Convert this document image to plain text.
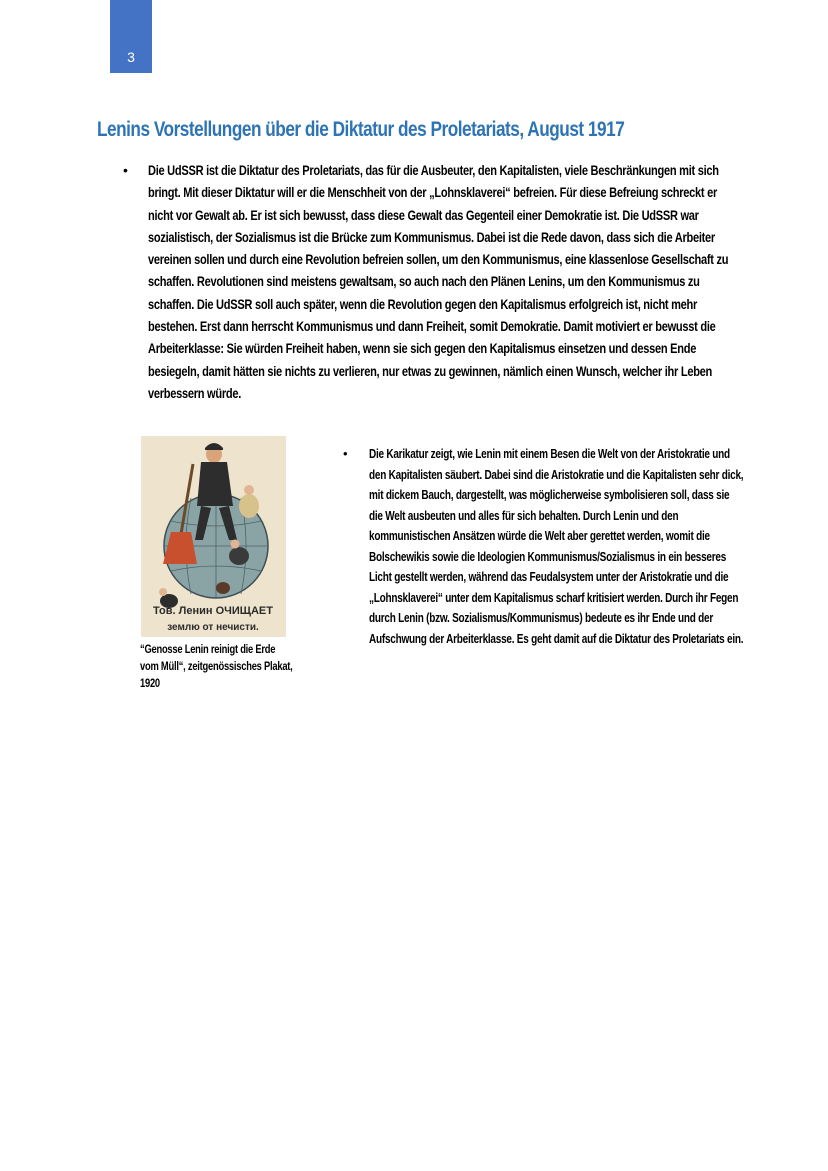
3
Lenins Vorstellungen über die Diktatur des Proletariats, August 1917
• Die UdSSR ist die Diktatur des Proletariats, das für die Ausbeuter, den Kapitalisten, viele Beschränkungen mit sich bringt. Mit dieser Diktatur will er die Menschheit von der „Lohnsklaverei“ befreien. Für diese Befreiung schreckt er nicht vor Gewalt ab. Er ist sich bewusst, dass diese Gewalt das Gegenteil einer Demokratie ist. Die UdSSR war sozialistisch, der Sozialismus ist die Brücke zum Kommunismus. Dabei ist die Rede davon, dass sich die Arbeiter vereinen sollen und durch eine Revolution befreien sollen, um den Kommunismus, eine klassenlose Gesellschaft zu schaffen. Revolutionen sind meistens gewaltsam, so auch nach den Plänen Lenins, um den Kommunismus zu schaffen. Die UdSSR soll auch später, wenn die Revolution gegen den Kapitalismus erfolgreich ist, nicht mehr bestehen. Erst dann herrscht Kommunismus und dann Freiheit, somit Demokratie. Damit motiviert er bewusst die Arbeiterklasse: Sie würden Freiheit haben, wenn sie sich gegen den Kapitalismus einsetzen und dessen Ende besiegeln, damit hätten sie nichts zu verlieren, nur etwas zu gewinnen, nämlich einen Wunsch, welcher ihr Leben verbessern würde.
Тов. Ленин ОЧИЩАЕТ
землю от нечисти.
“Genosse Lenin reinigt die Erde vom Müll“, zeitgenössisches Plakat, 1920
• Die Karikatur zeigt, wie Lenin mit einem Besen die Welt von der Aristokratie und den Kapitalisten säubert. Dabei sind die Aristokratie und die Kapitalisten sehr dick, mit dickem Bauch, dargestellt, was möglicherweise symbolisieren soll, dass sie die Welt ausbeuten und alles für sich behalten. Durch Lenin und den kommunistischen Ansätzen würde die Welt aber gerettet werden, womit die Bolschewikis sowie die Ideologien Kommunismus/Sozialismus in ein besseres Licht gestellt werden, während das Feudalsystem unter der Aristokratie und die „Lohnsklaverei“ unter dem Kapitalismus scharf kritisiert werden. Durch ihr Fegen durch Lenin (bzw. Sozialismus/Kommunismus) bedeute es ihr Ende und der Aufschwung der Arbeiterklasse. Es geht damit auf die Diktatur des Proletariats ein.
